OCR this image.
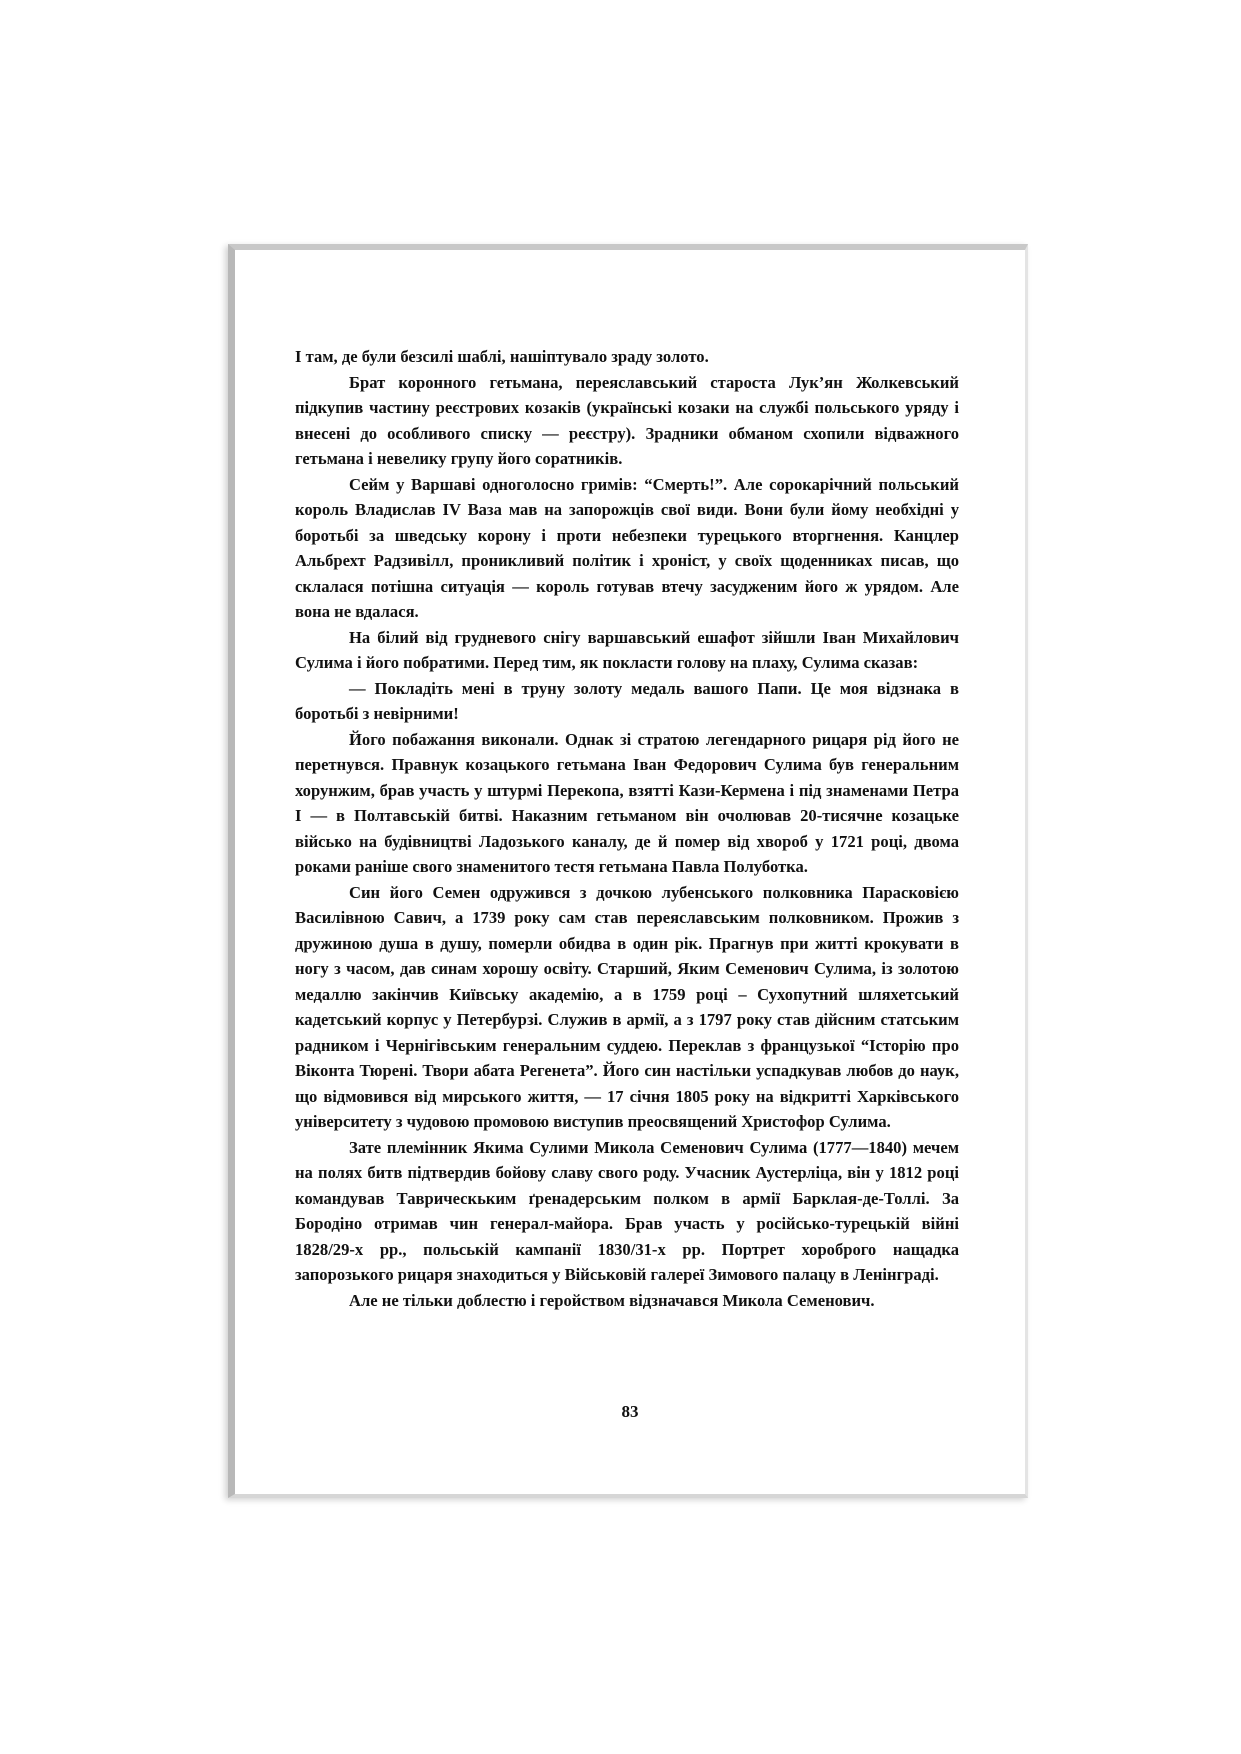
І там, де були безсилі шаблі, нашіптувало зраду золото.

Брат коронного гетьмана, переяславський староста Лук’ян Жолкевський підкупив частину реєстрових козаків (українські козаки на службі польського уряду і внесені до особливого списку — реєстру). Зрадники обманом схопили відважного гетьмана і невелику групу його соратників.

Сейм у Варшаві одноголосно гримів: “Смерть!”. Але сорокарічний польський король Владислав IV Ваза мав на запорожців свої види. Вони були йому необхідні у боротьбі за шведську корону і проти небезпеки турецького вторгнення. Канцлер Альбрехт Радзивілл, проникливий політик і хроніст, у своїх щоденниках писав, що склалася потішна ситуація — король готував втечу засудженим його ж урядом. Але вона не вдалася.

На білий від грудневого снігу варшавський ешафот зійшли Іван Михайлович Сулима і його побратими. Перед тим, як покласти голову на плаху, Сулима сказав:

— Покладіть мені в труну золоту медаль вашого Папи. Це моя відзнака в боротьбі з невірними!

Його побажання виконали. Однак зі стратою легендарного рицаря рід його не перетнувся. Правнук козацького гетьмана Іван Федорович Сулима був генеральним хорунжим, брав участь у штурмі Перекопа, взятті Кази-Кермена і під знаменами Петра І — в Полтавській битві. Наказним гетьманом він очолював 20-тисячне козацьке військо на будівництві Ладозького каналу, де й помер від хвороб у 1721 році, двома роками раніше свого знаменитого тестя гетьмана Павла Полуботка.

Син його Семен одружився з дочкою лубенського полковника Парасковією Василівною Савич, а 1739 року сам став переяславським полковником. Прожив з дружиною душа в душу, померли обидва в один рік. Прагнув при житті крокувати в ногу з часом, дав синам хорошу освіту. Старший, Яким Семенович Сулима, із золотою медаллю закінчив Київську академію, а в 1759 році – Сухопутний шляхетський кадетський корпус у Петербурзі. Служив в армії, а з 1797 року став дійсним статським радником і Чернігівським генеральним суддею. Переклав з французької “Історію про Віконта Тюрені. Твори абата Регенета”. Його син настільки успадкував любов до наук, що відмовився від мирського життя, — 17 січня 1805 року на відкритті Харківського університету з чудовою промовою виступив преосвящений Христофор Сулима.

Зате племінник Якима Сулими Микола Семенович Сулима (1777—1840) мечем на полях битв підтвердив бойову славу свого роду. Учасник Аустерліца, він у 1812 році командував Таврическьким ґренадерським полком в армії Барклая-де-Толлі. За Бородіно отримав чин генерал-майора. Брав участь у російсько-турецькій війні 1828/29-х рр., польській кампанії 1830/31-х рр. Портрет хороброго нащадка запорозького рицаря знаходиться у Військовій галереї Зимового палацу в Ленінграді.

Але не тільки доблестю і геройством відзначався Микола Семенович.

83
